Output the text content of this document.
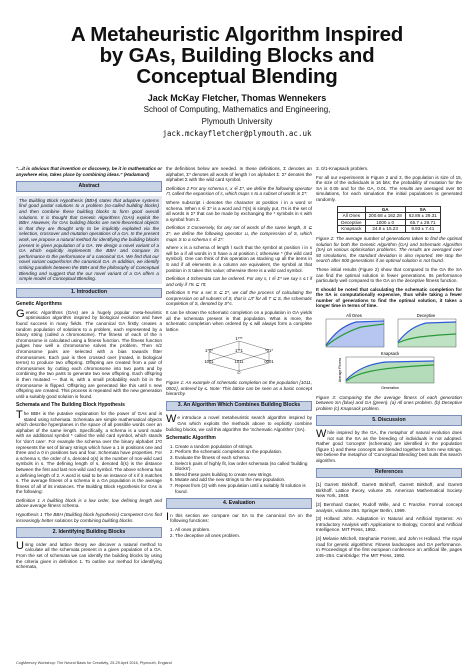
A Metaheuristic Algorithm Inspired
by GAs, Building Blocks and
Conceptual Blending
Jack McKay Fletcher, Thomas Wennekers
School of Computing, Mathematics and Engineering,
Plymouth University
jack.mckayfletcher@plymouth.ac.uk

“...it is obvious that invention or discovery, be it in mathematics or anywhere else, takes place by combining ideas.” (Hadamard)

Abstract

The Building Block Hypothesis (BBH) states that adaptive systems find good partial solutions to a problem (so-called building blocks) and then combine these building blocks to form good overall solutions. It is thought that Genetic Algorithms (GAs) exploit the BBH. However, for GAs building blocks are semi-theoretical objects in that they are thought only to be implicitly exploited via the selection, crossover and mutation operations of a GA. In the present work, we propose a natural method for identifying the building blocks present in given population of a GA. We design a novel variant of a GA which explicitly implements the BBH and compare its performance to the performance of a canonical GA. We find that our novel variant outperforms the canonical GA. In addition, we identify striking parallels between the BBH and the philosophy of Conceptual Blending and suggest that the our novel variant of a GA offers a simple model of Conceptual Blending.

1. Introduction
Genetic Algorithms

Genetic Algorithms (GAs) are a hugely popular meta-heuristic optimisation algorithm inspired by biological evolution and have found success in many fields. The canonical GA firstly creates a random population of solutions to a problem, each represented by a binary string (called a chromosome). The fitness of each of the n chromosome is calculated using a fitness function. The fitness function judges how well a chromosome solves the problem. Then n/2 chromosome pairs are selected with a bias towards fitter chromosomes. Each pair is then crossed over (mated, in biological terms) to produce two offspring. Offspring are created from a pair of chromosomes by cutting each chromosome into two parts and by combining the two parts to generate two new offspring. Each offspring is then mutated — that is, with a small probability each bit in the chromosome is flipped. Offspring are generated like this until n new offspring are created. This process is repeated with the new generation until a suitably good solution is found.

Schemata and The Building Block Hypothesis

The BBH is the putative explanation for the power of GAs and is stated using schemata. Schemata are simple mathematical objects which describe hyperplanes in the space of all possible words over an alphabet of the same length. Specifically, a schema is a word made with an additional symbol * called the wild card symbol, which stands for 'don't care'. For example the schema over the binary alphabet 1*0 represents the set of binary strings which have a 1 in positions one and three and a 0 in positions two and four. Schemata have properties. For a schema s, the order of s, denoted o(s) is the number of non-wild card symbols in s. The defining length of s, denoted δ(s) is the distance between the first and last non-wild card symbol. The above schema has a defining length of 2. A word is said to be an instance of s if it matches s. The average fitness of a schema in a GA population is the average fitness of all of its instances. The Building Block Hypothesis for GAs is the following:

Definition 1 A building block is a low order, low defining length and above average fitness schema.

Hypothesis 1 The BBH (Building block hypothesis) Competent GAs find increasingly better solutions by combining building blocks.

2. Identifying Building Blocks

Using order and lattice theory we discover a natural method to calculate all the schemata present in a given population of a GA. From the set of schemata we can identify the building blocks by using the criteria given in definition 1. To outline our method for identifying schemata,

the definitions below are needed. In these definitions, Σ denotes an alphabet, Σ* denotes all words of length l on alphabet Σ. Σ* denotes the alphabet Σ with the wild card symbol.

Definition 2 For any schema s, x ∈ Σ*, we define the following operator ⊓, called the expansion of s, which maps s to a subset of words in Σ*:

Where subscript i denotes the character at position i in a word or schema. When s ∈ Σ* is a word and ⊓(s) is simply put, ⊓s is the set of all words in Σ* that can be made by exchanging the * symbols in s with a symbol from Σ.

Definition 3 Conversely, for any set of words of the same length, S ⊆ Σ*, we define the following operator ⊔, the compression of S, which maps S to a schema s ∈ Σ*:

where x is a schema of length l such that the symbol at position i in x will be a if all words in S have a at position i; otherwise * (the wild card symbol). One can think of this operation as stacking up all the items in S and if all elements in a column are equivalent, the symbol at that position in S takes this value; otherwise there is a wild card symbol.

Definition 4 Schemata can be ordered. For any s, t ∈ Σ* we say s ≤ t if and only if ⊓s ⊆ ⊓t.

Definition 5 For a set S ⊆ Σ*, we call the process of calculating the compression on all subsets of S, that is ⊔T for all T ⊆ S, the schematic completion of S, denoted by S^c.

It can be shown the schematic completion on a population in GA yields all the schemata present in that population. What is more, the schematic completion when ordered by ≤ will always form a complete lattice.

1***
1*0*	1**1	*01*
1001	1011	0001
∅

Figure 1: An example of schematic completion on the population {1011, 0001}, ordered by ≤. Note: This lattice can be seen as a basic concept hierarchy.

3. An Algorithm Which Combines Building Blocks

We introduce a novel metaheuristic search algorithm inspired by GAs which exploits the methods above to explicitly combine building blocks, we call this algorithm the 'Schematic Algorithm' (SA).

Schematic Algorithm
1. Create a random population of strings.
2. Perform the schematic completion on the population.
3. Evaluate the fitness of each schema.
4. Select k pairs of highly fit, low order schemata (so called 'building blocks').
5. Blend these pairs building to create new strings.
6. Mutate and add the new strings to the new population.
7. Repeat from (2) with new population until a suitably fit solution is found.
4. Evaluation

In this section we compare our SA to the canonical GA on the following functions:

1. All ones problem.
2. The deceptive all ones problem.

3. 0/1-Knapsack problem.

For all our experiments in Figure 2 and 3, the population is size of 15, the size of the individuals is 16 bits; the probability of mutation for the SA is 0.05 and for the GA, 0.01. The results are averaged over 50 simulations, for each simulation the initial populations is generated randomly.

	GA	SA
All Ones	200.68 ± 162.28	62.86 ± 29.31
Deceptive	1000 ± 0	65.7 ± 29.71
Knapsack	24.8 ± 15.23	9.93 ± 7.41

Figure 2: The average number of generations taken to find the optimal solution for both the Genetic Algorithm (GA) and Schematic Algorithm (SA) on various optimisation problems. The results are averaged over 50 simulations, the standard deviation is also reported. We stop the search after 500 generations if an optimal solution is not found.

These initial results (Figure 2) show that compared to the GA the SA can find the optimal solution in fewer generations. Its performance particularly well compared to the GA on the deceptive fitness function.

It should be noted that calculating the schematic completion for the SA is computationally expensive, thus while taking a fewer number of generations to find the optimal solution, it takes a longer time in terms of time.

All Ones	Deceptive
Knapsack
Generation
Average Fitness

Figure 3: Comparing the the average fitness of each generation between SA (blue) and GA (green). (a) All ones problem. (b) Deceptive problem (c) Knapsack problem.

5. Discussion

While inspired by the GA, the metaphor of natural evolution does not suit the SA as the breeding of individuals is not adopted. Rather good 'concepts' (schemata) are identified in the population (figure 1) and these concepts are blended together to form new strings. We believe the metaphor of 'Conceptual Blending' best suits this search algorithm.

References

[1] Garrett Birkhoff, Garrett Birkhoff, Garrett Birkhoff, and Garrett Birkhoff. Lattice theory, volume 25. American Mathematical Society New York, 1948.

[2] Bernhard Ganter, Rudolf Wille, and C Franzke. Formal concept analysis, volume 284. Springer Berlin, 1999.

[3] Holland John. Adaptation in Natural and Artificial Systems: An Introductory Analysis with Applications to Biology, Control and Artificial Intelligence. MIT Press, 1992.

[4] Melanie Mitchell, Stephanie Forrest, and John H Holland. The royal road for genetic algorithms: Fitness landscapes and GA performance. In Proceedings of the first european conference on artificial life, pages 245–254. Cambridge: The MIT Press, 1992.

CogMemory Workshop: The Neural Basis for Creativity, 25-29 April 2016, Plymouth, England
